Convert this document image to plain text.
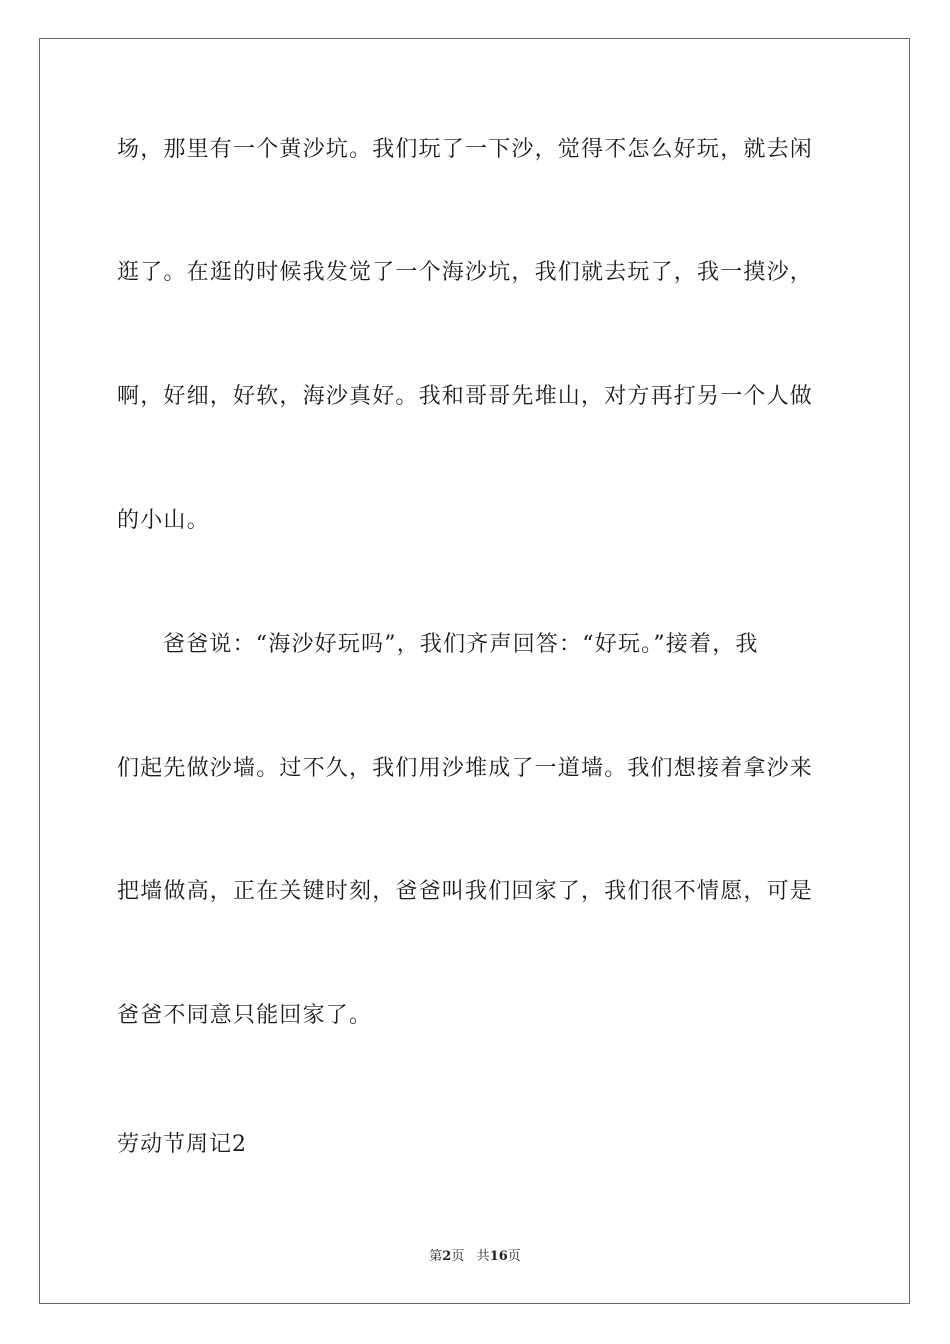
场，那里有一个黄沙坑。我们玩了一下沙，觉得不怎么好玩，就去闲
逛了。在逛的时候我发觉了一个海沙坑，我们就去玩了，我一摸沙，
啊，好细，好软，海沙真好。我和哥哥先堆山，对方再打另一个人做
的小山。
爸爸说：“海沙好玩吗”，我们齐声回答：“好玩。”接着，我
们起先做沙墙。过不久，我们用沙堆成了一道墙。我们想接着拿沙来
把墙做高，正在关键时刻，爸爸叫我们回家了，我们很不情愿，可是
爸爸不同意只能回家了。
劳动节周记2
第2页 共16页
